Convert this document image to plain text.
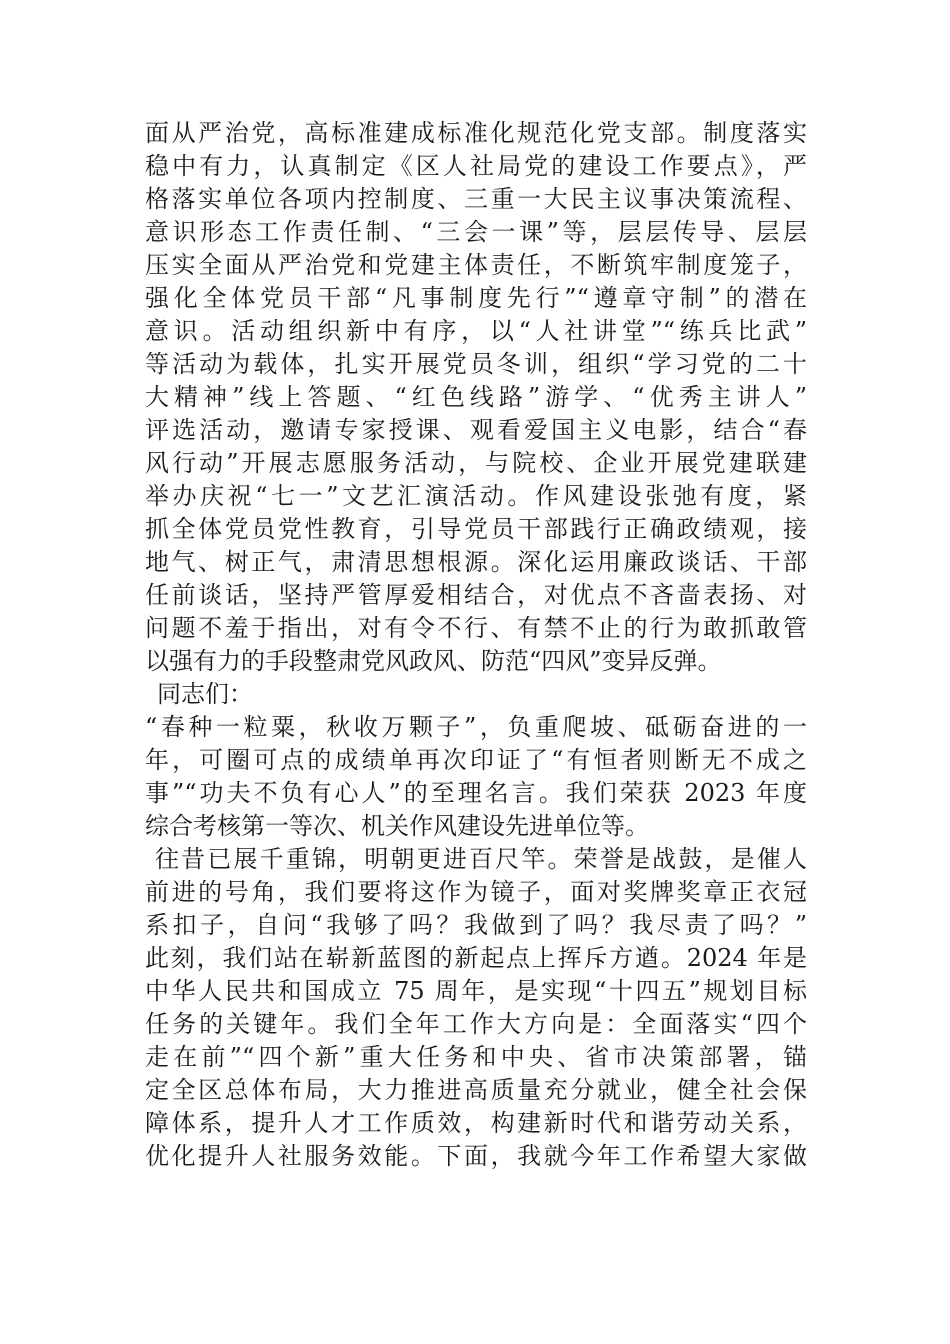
面从严治党，高标准建成标准化规范化党支部。制度落实
稳中有力，认真制定《区人社局党的建设工作要点》，严
格落实单位各项内控制度、三重一大民主议事决策流程、
意识形态工作责任制、“三会一课”等，层层传导、层层
压实全面从严治党和党建主体责任，不断筑牢制度笼子，
强化全体党员干部“凡事制度先行”“遵章守制”的潜在
意识。活动组织新中有序，以“人社讲堂”“练兵比武”
等活动为载体，扎实开展党员冬训，组织“学习党的二十
大精神”线上答题、“红色线路”游学、“优秀主讲人”
评选活动，邀请专家授课、观看爱国主义电影，结合“春
风行动”开展志愿服务活动，与院校、企业开展党建联建
举办庆祝“七一”文艺汇演活动。作风建设张弛有度，紧
抓全体党员党性教育，引导党员干部践行正确政绩观，接
地气、树正气，肃清思想根源。深化运用廉政谈话、干部
任前谈话，坚持严管厚爱相结合，对优点不吝啬表扬、对
问题不羞于指出，对有令不行、有禁不止的行为敢抓敢管
以强有力的手段整肃党风政风、防范“四风”变异反弹。
同志们：
“春种一粒粟，秋收万颗子”，负重爬坡、砥砺奋进的一
年，可圈可点的成绩单再次印证了“有恒者则断无不成之
事”“功夫不负有心人”的至理名言。我们荣获 2023 年度
综合考核第一等次、机关作风建设先进单位等。
往昔已展千重锦，明朝更进百尺竿。荣誉是战鼓，是催人
前进的号角，我们要将这作为镜子，面对奖牌奖章正衣冠
系扣子，自问“我够了吗？我做到了吗？我尽责了吗？”
此刻，我们站在崭新蓝图的新起点上挥斥方遒。2024 年是
中华人民共和国成立 75 周年，是实现“十四五”规划目标
任务的关键年。我们全年工作大方向是：全面落实“四个
走在前”“四个新”重大任务和中央、省市决策部署，锚
定全区总体布局，大力推进高质量充分就业，健全社会保
障体系，提升人才工作质效，构建新时代和谐劳动关系，
优化提升人社服务效能。下面，我就今年工作希望大家做
